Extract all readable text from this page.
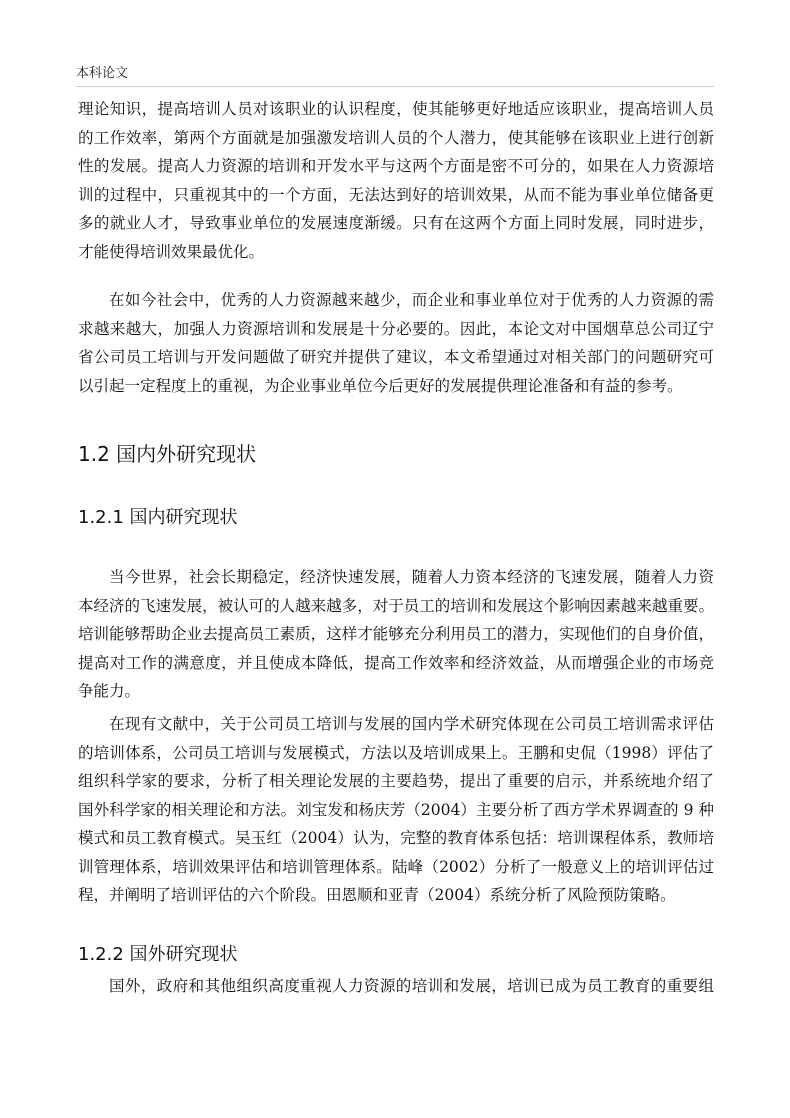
本科论文
理论知识，提高培训人员对该职业的认识程度，使其能够更好地适应该职业，提高培训人员
的工作效率，第两个方面就是加强激发培训人员的个人潜力，使其能够在该职业上进行创新
性的发展。提高人力资源的培训和开发水平与这两个方面是密不可分的，如果在人力资源培
训的过程中，只重视其中的一个方面，无法达到好的培训效果，从而不能为事业单位储备更
多的就业人才，导致事业单位的发展速度渐缓。只有在这两个方面上同时发展，同时进步，
才能使得培训效果最优化。
在如今社会中，优秀的人力资源越来越少，而企业和事业单位对于优秀的人力资源的需
求越来越大，加强人力资源培训和发展是十分必要的。因此，本论文对中国烟草总公司辽宁
省公司员工培训与开发问题做了研究并提供了建议，本文希望通过对相关部门的问题研究可
以引起一定程度上的重视，为企业事业单位今后更好的发展提供理论准备和有益的参考。
1.2 国内外研究现状
1.2.1 国内研究现状
当今世界，社会长期稳定，经济快速发展，随着人力资本经济的飞速发展，随着人力资
本经济的飞速发展，被认可的人越来越多，对于员工的培训和发展这个影响因素越来越重要。
培训能够帮助企业去提高员工素质，这样才能够充分利用员工的潜力，实现他们的自身价值，
提高对工作的满意度，并且使成本降低，提高工作效率和经济效益，从而增强企业的市场竞
争能力。
在现有文献中，关于公司员工培训与发展的国内学术研究体现在公司员工培训需求评估
的培训体系，公司员工培训与发展模式，方法以及培训成果上。王鹏和史侃（1998）评估了
组织科学家的要求，分析了相关理论发展的主要趋势，提出了重要的启示，并系统地介绍了
国外科学家的相关理论和方法。刘宝发和杨庆芳（2004）主要分析了西方学术界调查的 9 种
模式和员工教育模式。吴玉红（2004）认为，完整的教育体系包括：培训课程体系，教师培
训管理体系，培训效果评估和培训管理体系。陆峰（2002）分析了一般意义上的培训评估过
程，并阐明了培训评估的六个阶段。田恩顺和亚青（2004）系统分析了风险预防策略。
1.2.2 国外研究现状
国外，政府和其他组织高度重视人力资源的培训和发展，培训已成为员工教育的重要组
